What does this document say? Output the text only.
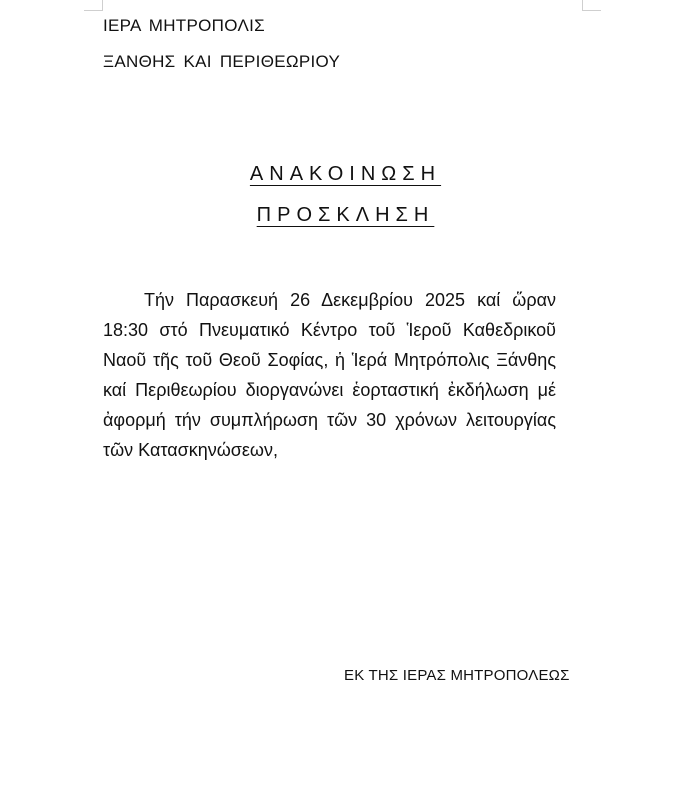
ΙΕΡΑ ΜΗΤΡΟΠΟΛΙΣ
ΞΑΝΘΗΣ ΚΑΙ ΠΕΡΙΘΕΩΡΙΟΥ
ΑΝΑΚΟΙΝΩΣΗ
ΠΡΟΣΚΛΗΣΗ

Τήν Παρασκευή 26 Δεκεμβρίου 2025 καί ὥραν 18:30 στό Πνευματικό Κέντρο τοῦ Ἱεροῦ Καθεδρικοῦ Ναοῦ τῆς τοῦ Θεοῦ Σοφίας, ἡ Ἱερά Μητρόπολις Ξάνθης καί Περιθεωρίου διοργανώνει ἑορταστική ἐκδήλωση μέ ἀφορμή τήν συμπλήρωση τῶν 30 χρόνων λειτουργίας τῶν Κατασκηνώσεων,

ΕΚ ΤΗΣ ΙΕΡΑΣ ΜΗΤΡΟΠΟΛΕΩΣ
